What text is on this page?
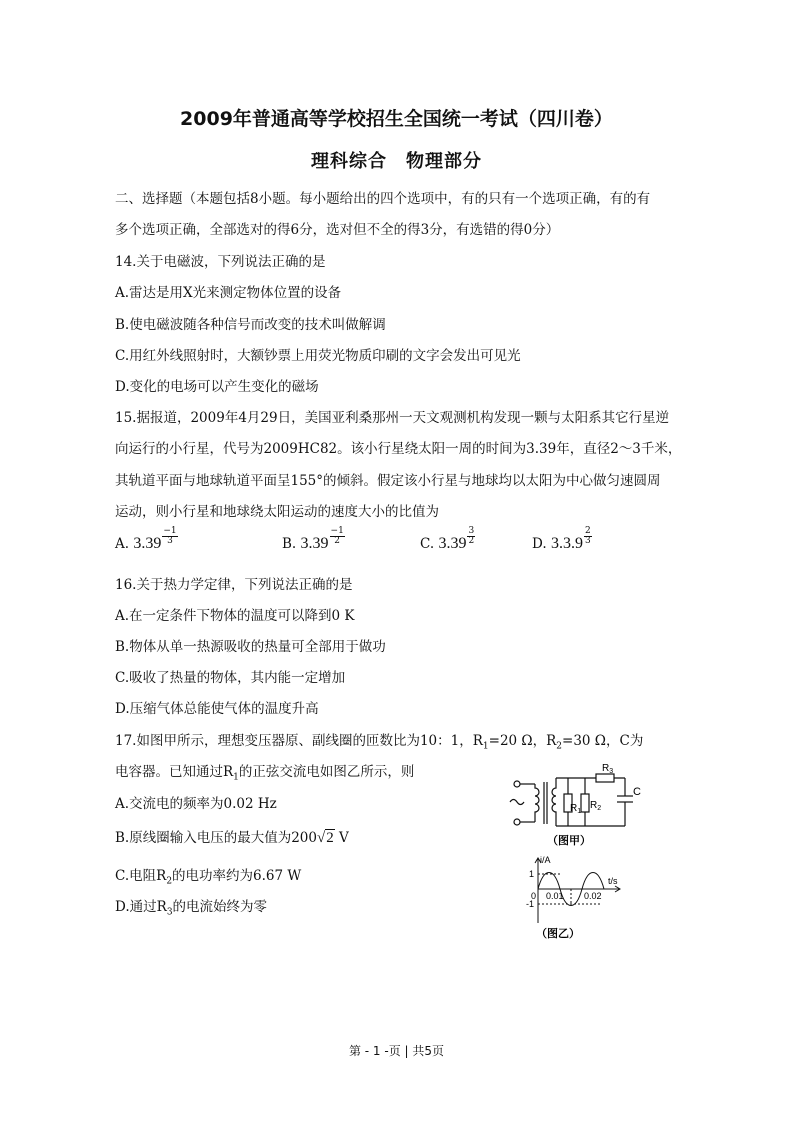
2009年普通高等学校招生全国统一考试（四川卷）
理科综合　物理部分
二、选择题（本题包括8小题。每小题给出的四个选项中，有的只有一个选项正确，有的有
多个选项正确，全部选对的得6分，选对但不全的得3分，有选错的得0分）
14.关于电磁波，下列说法正确的是
A.雷达是用X光来测定物体位置的设备
B.使电磁波随各种信号而改变的技术叫做解调
C.用红外线照射时，大额钞票上用荧光物质印刷的文字会发出可见光
D.变化的电场可以产生变化的磁场
15.据报道，2009年4月29日，美国亚利桑那州一天文观测机构发现一颗与太阳系其它行星逆
向运行的小行星，代号为2009HC82。该小行星绕太阳一周的时间为3.39年，直径2～3千米，
其轨道平面与地球轨道平面呈155°的倾斜。假定该小行星与地球均以太阳为中心做匀速圆周
运动，则小行星和地球绕太阳运动的速度大小的比值为
A. $3.39 \frac{-1}{3}$	B. $3.39 \frac{-1}{2}$	C. $3.39 \frac{3}{2}$	D. $3.3.9 \frac{2}{3}$
16.关于热力学定律，下列说法正确的是
A.在一定条件下物体的温度可以降到0 K
B.物体从单一热源吸收的热量可全部用于做功
C.吸收了热量的物体，其内能一定增加
D.压缩气体总能使气体的温度升高
17.如图甲所示，理想变压器原、副线圈的匝数比为10：1，$R_1=20$ Ω，$R_2=30$ Ω，C为
电容器。已知通过$R_1$的正弦交流电如图乙所示，则
A.交流电的频率为0.02 Hz
B.原线圈输入电压的最大值为200√2 V
C.电阻$R_2$的电功率约为6.67 W
D.通过$R_3$的电流始终为零
$R_3$
$R_1$
$R_2$
C
（图甲）
i/A
t/s
1
-1
0 0.01 0.02
（图乙）
第 - 1 -页 | 共5页
